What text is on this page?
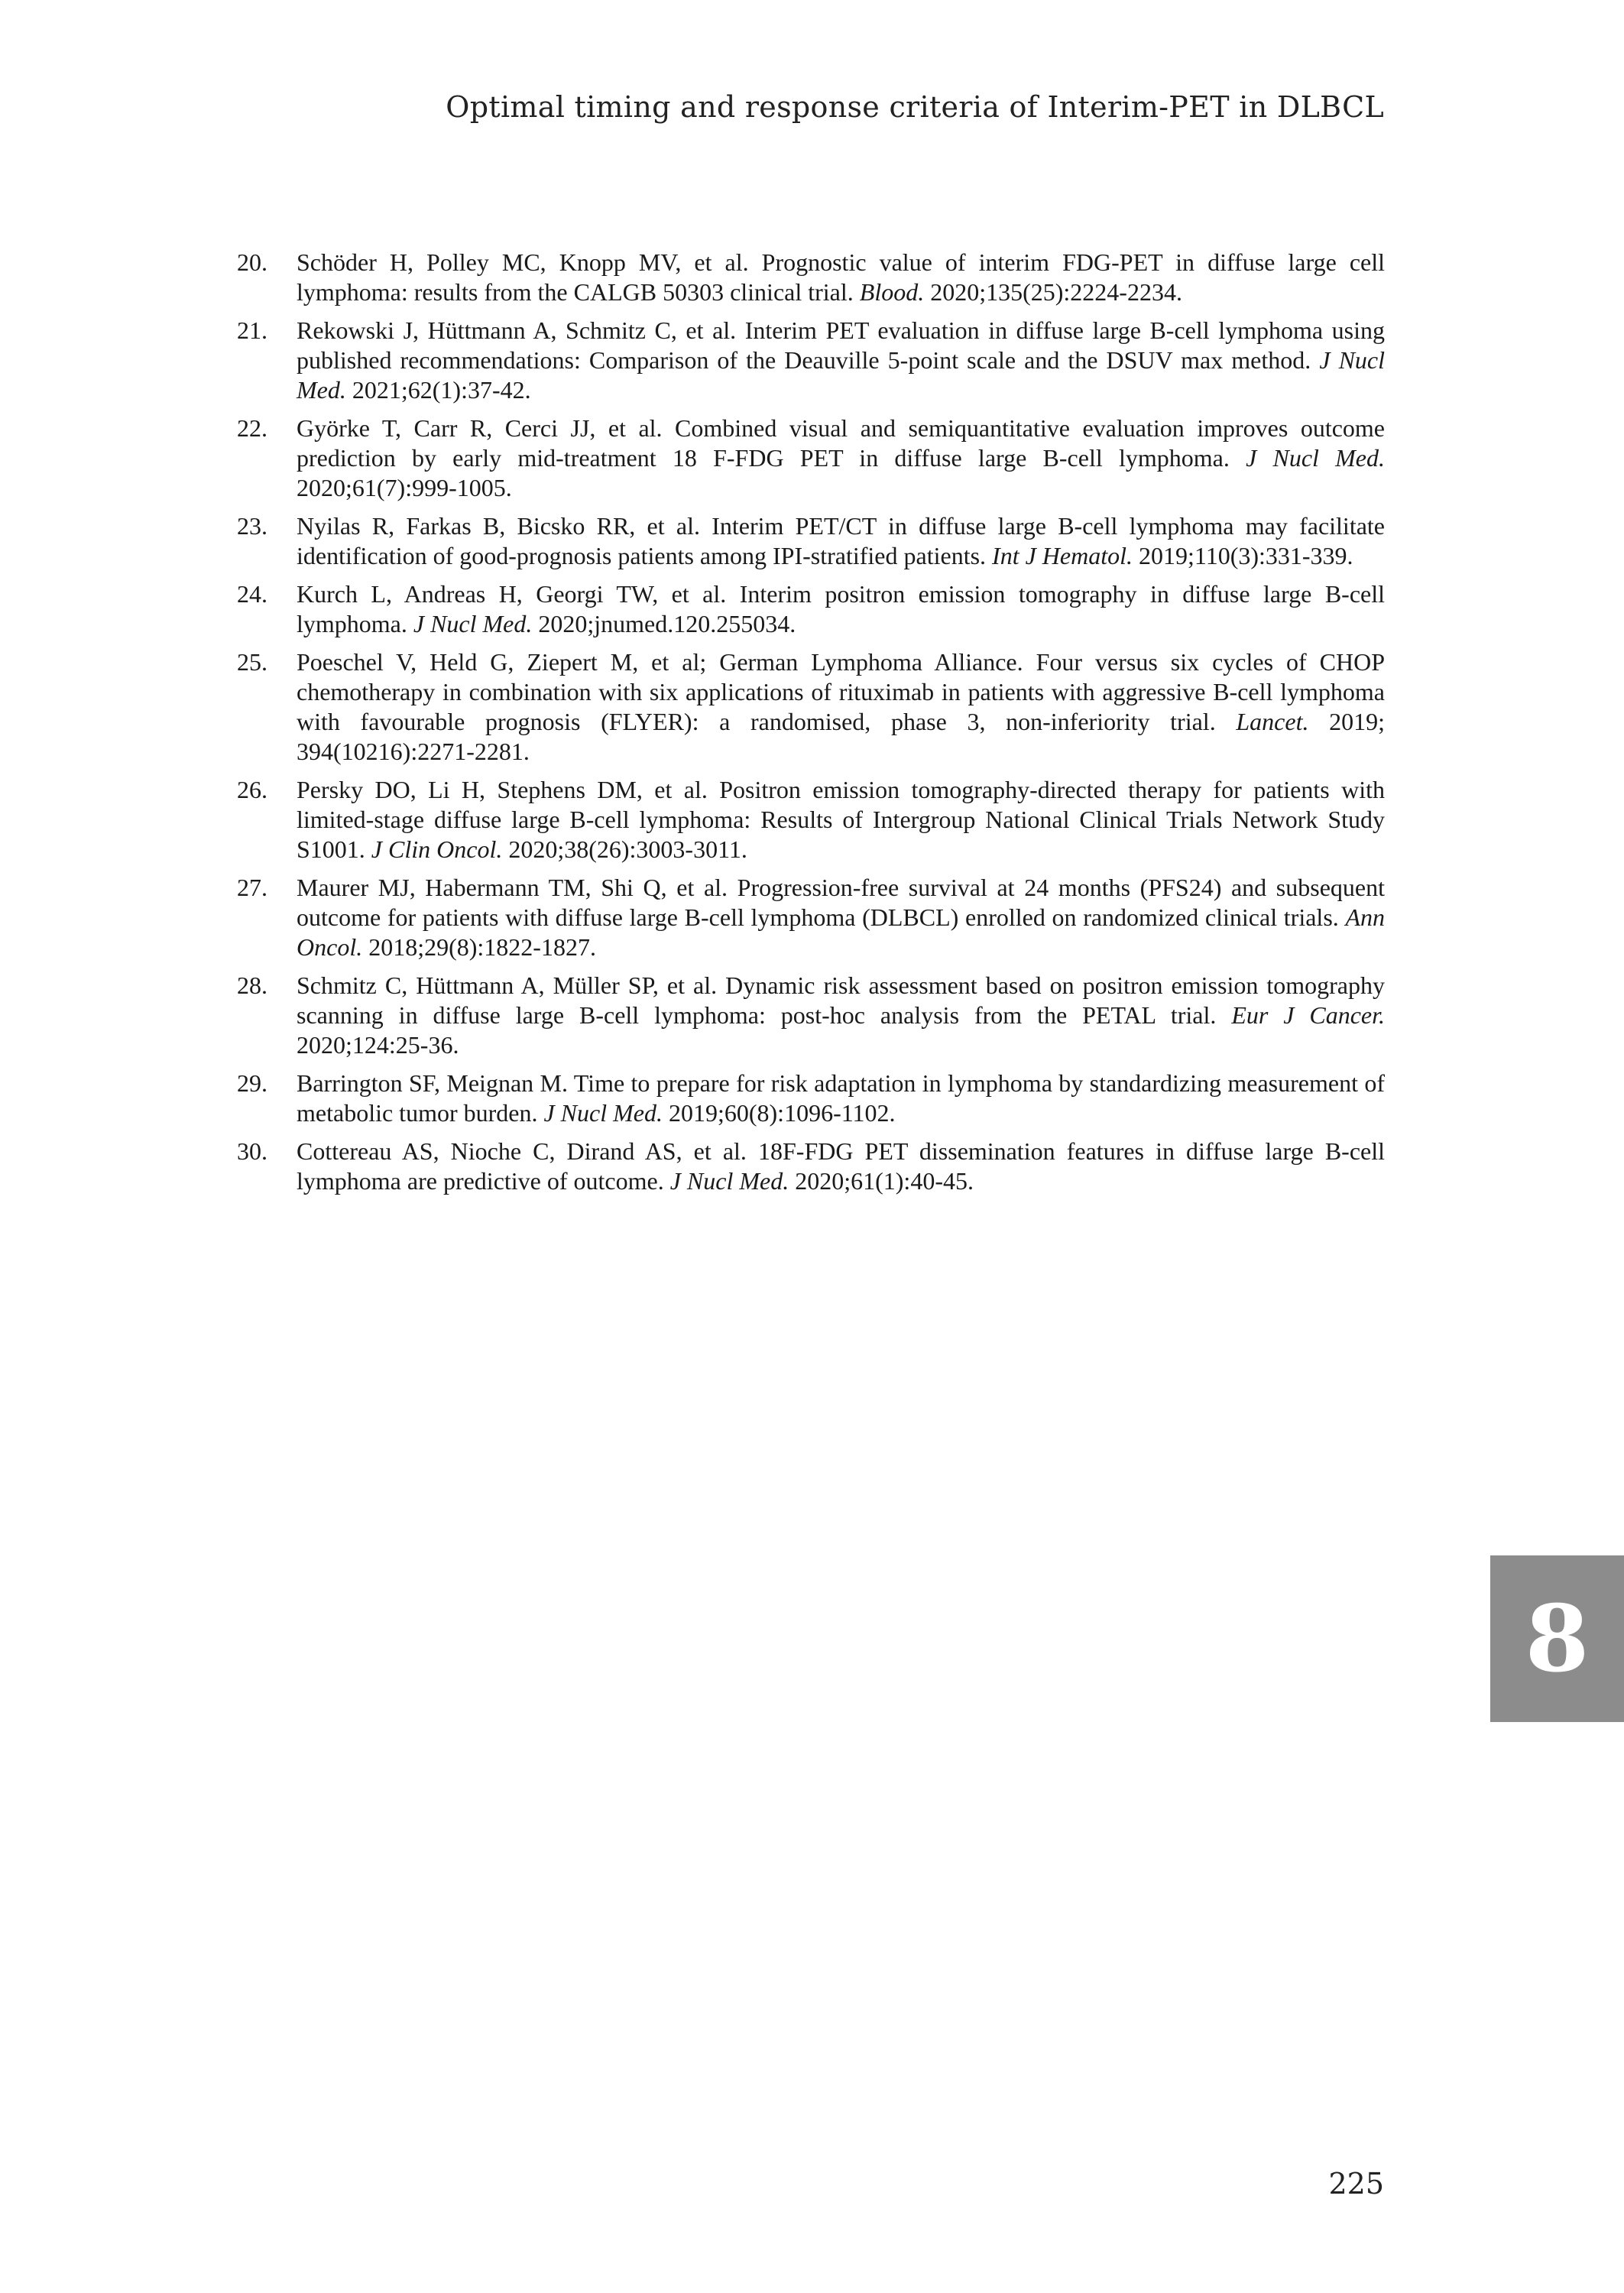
Optimal timing and response criteria of Interim-PET in DLBCL
20. Schöder H, Polley MC, Knopp MV, et al. Prognostic value of interim FDG-PET in diffuse large cell lymphoma: results from the CALGB 50303 clinical trial. Blood. 2020;135(25):2224-2234.
21. Rekowski J, Hüttmann A, Schmitz C, et al. Interim PET evaluation in diffuse large B-cell lymphoma using published recommendations: Comparison of the Deauville 5-point scale and the DSUV max method. J Nucl Med. 2021;62(1):37-42.
22. Györke T, Carr R, Cerci JJ, et al. Combined visual and semiquantitative evaluation improves outcome prediction by early mid-treatment 18 F-FDG PET in diffuse large B-cell lymphoma. J Nucl Med. 2020;61(7):999-1005.
23. Nyilas R, Farkas B, Bicsko RR, et al. Interim PET/CT in diffuse large B-cell lymphoma may facilitate identification of good-prognosis patients among IPI-stratified patients. Int J Hematol. 2019;110(3):331-339.
24. Kurch L, Andreas H, Georgi TW, et al. Interim positron emission tomography in diffuse large B-cell lymphoma. J Nucl Med. 2020;jnumed.120.255034.
25. Poeschel V, Held G, Ziepert M, et al; German Lymphoma Alliance. Four versus six cycles of CHOP chemotherapy in combination with six applications of rituximab in patients with aggressive B-cell lymphoma with favourable prognosis (FLYER): a randomised, phase 3, non-inferiority trial. Lancet. 2019; 394(10216):2271-2281.
26. Persky DO, Li H, Stephens DM, et al. Positron emission tomography-directed therapy for patients with limited-stage diffuse large B-cell lymphoma: Results of Intergroup National Clinical Trials Network Study S1001. J Clin Oncol. 2020;38(26):3003-3011.
27. Maurer MJ, Habermann TM, Shi Q, et al. Progression-free survival at 24 months (PFS24) and subsequent outcome for patients with diffuse large B-cell lymphoma (DLBCL) enrolled on randomized clinical trials. Ann Oncol. 2018;29(8):1822-1827.
28. Schmitz C, Hüttmann A, Müller SP, et al. Dynamic risk assessment based on positron emission tomography scanning in diffuse large B-cell lymphoma: post-hoc analysis from the PETAL trial. Eur J Cancer. 2020;124:25-36.
29. Barrington SF, Meignan M. Time to prepare for risk adaptation in lymphoma by standardizing measurement of metabolic tumor burden. J Nucl Med. 2019;60(8):1096-1102.
30. Cottereau AS, Nioche C, Dirand AS, et al. 18F-FDG PET dissemination features in diffuse large B-cell lymphoma are predictive of outcome. J Nucl Med. 2020;61(1):40-45.
8
225
